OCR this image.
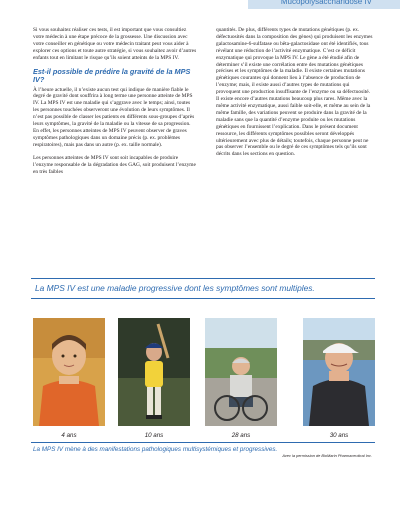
Mucopolysaccharidose IV

Si vous souhaitez réaliser ces tests, il est important que vous consultiez votre médecin à une étape précoce de la grossesse. Une discussion avec votre conseiller en génétique ou votre médecin traitant peut vous aider à explorer ces options et toute autre stratégie, si vous souhaitez avoir d’autres enfants tout en limitant le risque qu’ils soient atteints de la MPS IV.

Est-il possible de prédire la gravité de la MPS IV?

À l’heure actuelle, il n’existe aucun test qui indique de manière fiable le degré de gravité dont souffrira à long terme une personne atteinte de MPS IV. La MPS IV est une maladie qui s’aggrave avec le temps; ainsi, toutes les personnes touchées observeront une évolution de leurs symptômes. Il n’est pas possible de classer les patients en différents sous-groupes d’après leurs symptômes, la gravité de la maladie ou la vitesse de sa progression. En effet, les personnes atteintes de MPS IV peuvent observer de graves symptômes pathologiques dans un domaine précis (p. ex. problèmes respiratoires), mais pas dans un autre (p. ex. taille normale).

Les personnes atteintes de MPS IV sont soit incapables de produire l’enzyme responsable de la dégradation des GAG, soit produisent l’enzyme en très faibles

quantités. De plus, différents types de mutations génétiques (p. ex. défectuosités dans la composition des gènes) qui produisent les enzymes galactosamine-6-sulfatase ou bêta-galactosidase ont été identifiés, tous révélant une réduction de l’activité enzymatique. C’est ce déficit enzymatique qui provoque la MPS IV. Le gène a été étudié afin de déterminer s’il existe une corrélation entre des mutations génétiques précises et les symptômes de la maladie. Il existe certaines mutations génétiques courantes qui donnent lieu à l’absence de production de l’enzyme; mais, il existe aussi d’autres types de mutations qui provoquent une production insuffisante de l’enzyme ou sa défectuosité. Il existe encore d’autres mutations beaucoup plus rares. Même avec la même activité enzymatique, aussi faible soit-elle, et même au sein de la même famille, des variations peuvent se produire dans la gravité de la maladie sans que la quantité d’enzyme produite ou les mutations génétiques en fournissent l’explication. Dans le présent document ressource, les différents symptômes possibles seront développés ultérieurement avec plus de détails; toutefois, chaque personne peut ne pas observer l’ensemble ou le degré de ces symptômes tels qu’ils sont décrits dans les sections en question.

La MPS IV est une maladie progressive dont les symptômes sont multiples.
4 ans	10 ans	28 ans	30 ans
La MPS IV mène à des manifestations pathologiques multisystémiques et progressives.
Avec la permission de BioMarin Pharmaceutical Inc.
